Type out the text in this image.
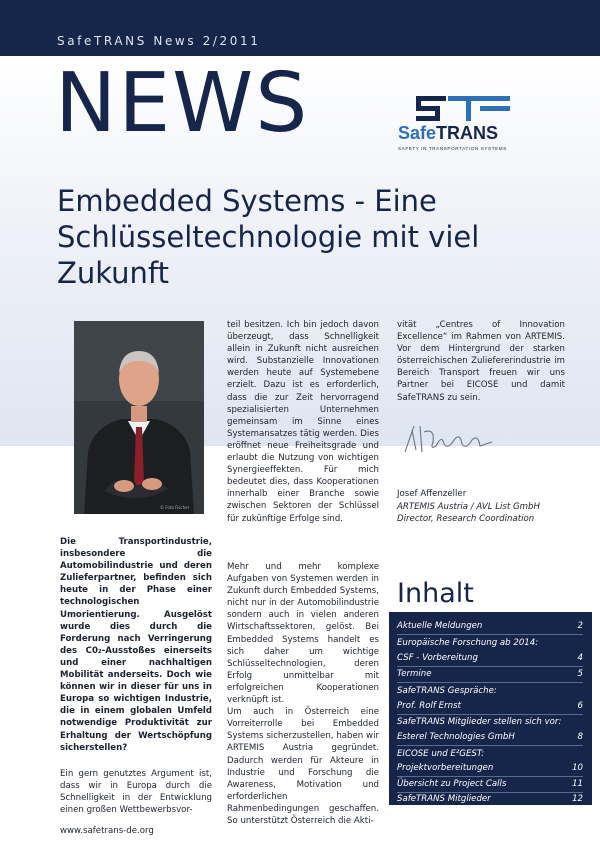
SafeTRANS News 2/2011
NEWS	SafeTRANS
SAFETY IN TRANSPORTATION SYSTEMS
Embedded Systems - Eine Schlüsseltechnologie mit viel Zukunft
© Foto Fischer

Die Transportindustrie, insbesondere die Automobilindustrie und deren Zulieferpartner, befinden sich heute in der Phase einer technologischen Umorientierung. Ausgelöst wurde dies durch die Forderung nach Verringerung des C0₂-Ausstoßes einerseits und einer nachhaltigen Mobilität anderseits. Doch wie können wir in dieser für uns in Europa so wichtigen Industrie, die in einem globalen Umfeld notwendige Produktivität zur Erhaltung der Wertschöpfung sicherstellen?

Ein gern genutztes Argument ist, dass wir in Europa durch die Schnelligkeit in der Entwicklung einen großen Wettbewerbsvor-

teil besitzen. Ich bin jedoch davon überzeugt, dass Schnelligkeit allein in Zukunft nicht ausreichen wird. Substanzielle Innovationen werden heute auf Systemebene erzielt. Dazu ist es erforderlich, dass die zur Zeit hervorragend spezialisierten Unternehmen gemeinsam im Sinne eines Systemansatzes tätig werden. Dies eröffnet neue Freiheitsgrade und erlaubt die Nutzung von wichtigen Synergieeffekten. Für mich bedeutet dies, dass Kooperationen innerhalb einer Branche sowie zwischen Sektoren der Schlüssel für zukünftige Erfolge sind.

Mehr und mehr komplexe Aufgaben von Systemen werden in Zukunft durch Embedded Systems, nicht nur in der Automobilindustrie sondern auch in vielen anderen Wirtschaftssektoren, gelöst. Bei Embedded Systems handelt es sich daher um wichtige Schlüsseltechnologien, deren Erfolg unmittelbar mit erfolgreichen Kooperationen verknüpft ist.

Um auch in Österreich eine Vorreiterrolle bei Embedded Systems sicherzustellen, haben wir ARTEMIS Austria gegründet. Dadurch werden für Akteure in Industrie und Forschung die Awareness, Motivation und erforderlichen Rahmenbedingungen geschaffen. So unterstützt Österreich die Akti-

vität „Centres of Innovation Excellence“ im Rahmen von ARTEMIS. Vor dem Hintergrund der starken österreichischen Zuliefererindustrie im Bereich Transport freuen wir uns Partner bei EICOSE und damit SafeTRANS zu sein.

Josef Affenzeller
ARTEMIS Austria / AVL List GmbH
Director, Research Coordination
Inhalt
Aktuelle Meldungen	2
Europäische Forschung ab 2014:
CSF - Vorbereitung	4
Termine	5
SafeTRANS Gespräche:
Prof. Rolf Ernst	6
SafeTRANS Mitglieder stellen sich vor:
Esterel Technologies GmbH	8
EICOSE und E²GEST:
Projektvorbereitungen	10
Übersicht zu Project Calls	11
SafeTRANS Mitglieder	12
www.safetrans-de.org
